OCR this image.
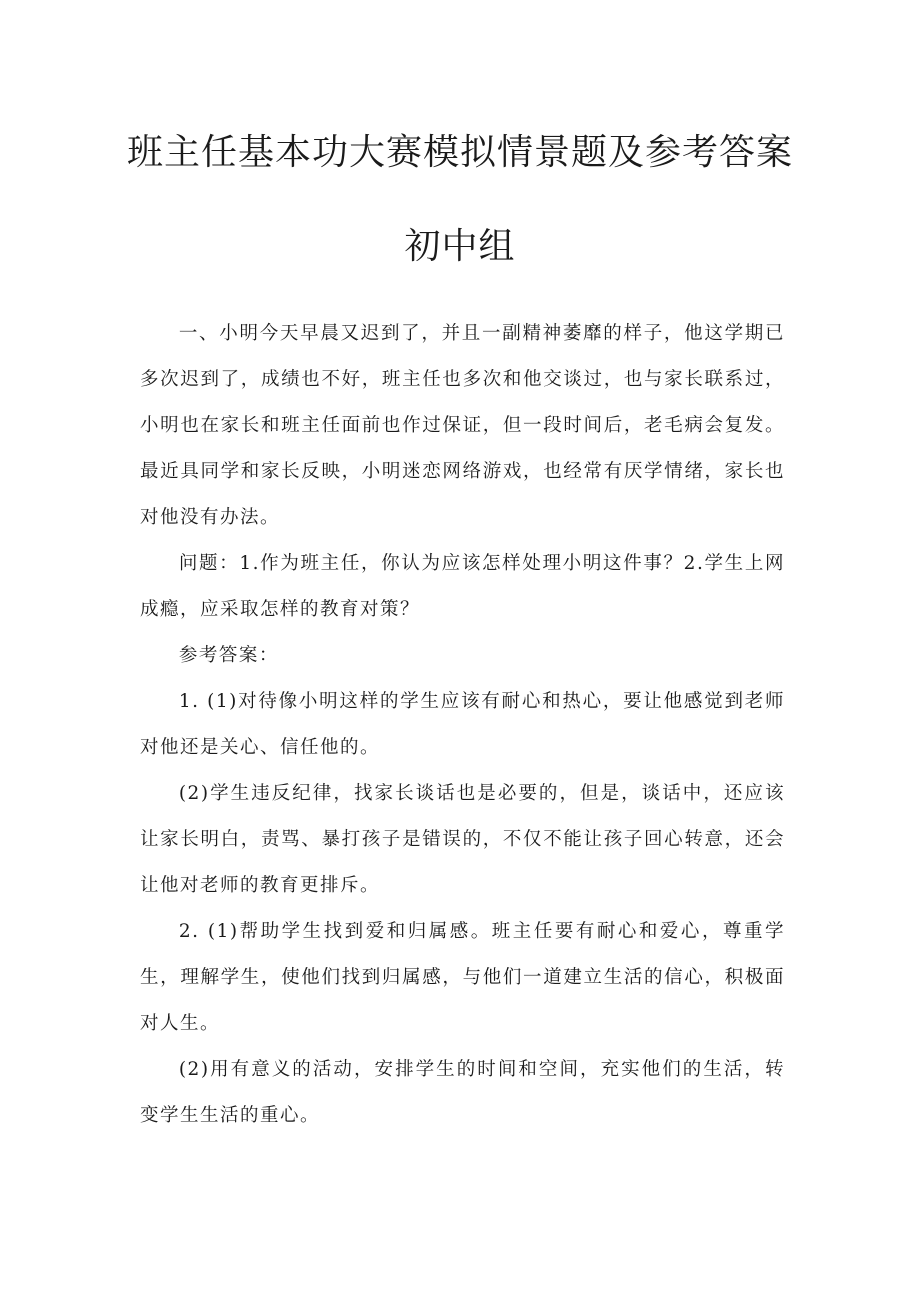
班主任基本功大赛模拟情景题及参考答案
初中组

一、小明今天早晨又迟到了，并且一副精神萎靡的样子，他这学期已多次迟到了，成绩也不好，班主任也多次和他交谈过，也与家长联系过，小明也在家长和班主任面前也作过保证，但一段时间后，老毛病会复发。最近具同学和家长反映，小明迷恋网络游戏，也经常有厌学情绪，家长也对他没有办法。

问题：1.作为班主任，你认为应该怎样处理小明这件事？2.学生上网成瘾，应采取怎样的教育对策？

参考答案：

1. (1)对待像小明这样的学生应该有耐心和热心，要让他感觉到老师对他还是关心、信任他的。

(2)学生违反纪律，找家长谈话也是必要的，但是，谈话中，还应该让家长明白，责骂、暴打孩子是错误的，不仅不能让孩子回心转意，还会让他对老师的教育更排斥。

2. (1)帮助学生找到爱和归属感。班主任要有耐心和爱心，尊重学生，理解学生，使他们找到归属感，与他们一道建立生活的信心，积极面对人生。

(2)用有意义的活动，安排学生的时间和空间，充实他们的生活，转变学生生活的重心。
